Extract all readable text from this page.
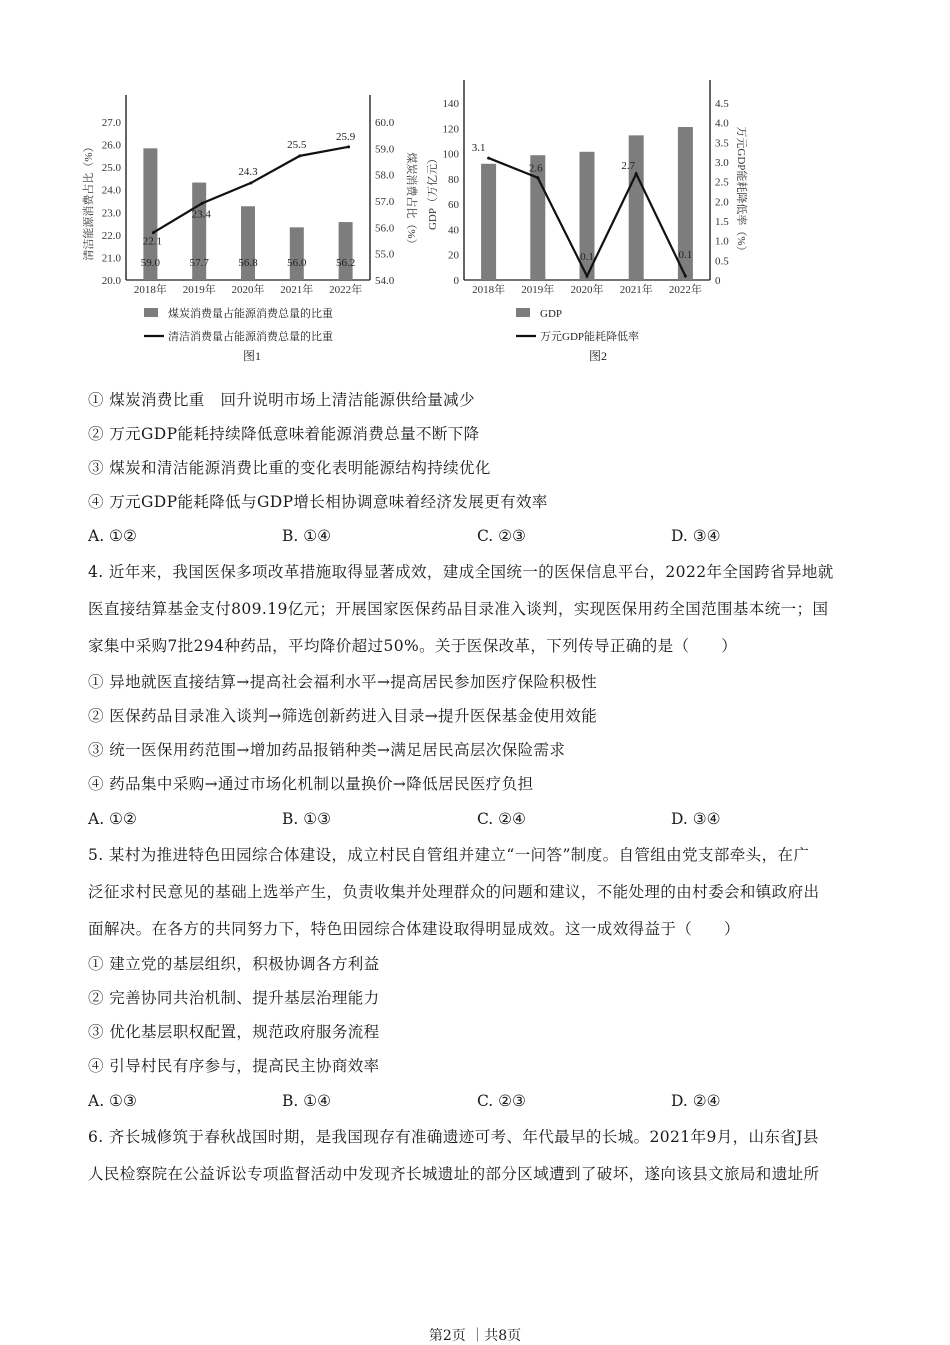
20.0
21.0
22.0
23.0
24.0
25.0
26.0
27.0
54.0
55.0
56.0
57.0
58.0
59.0
60.0
2018年 2019年 2020年 2021年 2022年
清洁能源消费占比（%）	煤炭消费占比（%）
22.1
23.4
24.3
25.5
25.9
59.0	57.7	56.8	56.0	56.2
煤炭消费量占能源消费总量的比重
清洁消费量占能源消费总量的比重
图1
0
20
40
60
80
100
120
140
0
0.5
1.0
1.5
2.0
2.5
3.0
3.5
4.0
4.5
2018年 2019年 2020年 2021年 2022年
GDP（万亿元）	万元GDP能耗降低率（%）
3.1
2.6
0.1
2.7
0.1
GDP
万元GDP能耗降低率
图2
① 煤炭消费比重　回升说明市场上清洁能源供给量减少
② 万元GDP能耗持续降低意味着能源消费总量不断下降
③ 煤炭和清洁能源消费比重的变化表明能源结构持续优化
④ 万元GDP能耗降低与GDP增长相协调意味着经济发展更有效率
4. 近年来，我国医保多项改革措施取得显著成效，建成全国统一的医保信息平台，2022年全国跨省异地就
医直接结算基金支付809.19亿元；开展国家医保药品目录准入谈判，实现医保用药全国范围基本统一；国
家集中采购7批294种药品，平均降价超过50%。关于医保改革，下列传导正确的是（　　）
① 异地就医直接结算→提高社会福利水平→提高居民参加医疗保险积极性
② 医保药品目录准入谈判→筛选创新药进入目录→提升医保基金使用效能
③ 统一医保用药范围→增加药品报销种类→满足居民高层次保险需求
④ 药品集中采购→通过市场化机制以量换价→降低居民医疗负担
5. 某村为推进特色田园综合体建设，成立村民自管组并建立“一问答”制度。自管组由党支部牵头，在广
泛征求村民意见的基础上选举产生，负责收集并处理群众的问题和建议，不能处理的由村委会和镇政府出
面解决。在各方的共同努力下，特色田园综合体建设取得明显成效。这一成效得益于（　　）
① 建立党的基层组织，积极协调各方利益
② 完善协同共治机制、提升基层治理能力
③ 优化基层职权配置，规范政府服务流程
④ 引导村民有序参与，提高民主协商效率
6. 齐长城修筑于春秋战国时期，是我国现存有准确遗迹可考、年代最早的长城。2021年9月，山东省J县
人民检察院在公益诉讼专项监督活动中发现齐长城遗址的部分区域遭到了破坏，遂向该县文旅局和遗址所
A. ①②	B. ①④	C. ②③	D. ③④
A. ①②	B. ①③	C. ②④	D. ③④
A. ①③	B. ①④	C. ②③	D. ②④
第2页 ｜共8页
